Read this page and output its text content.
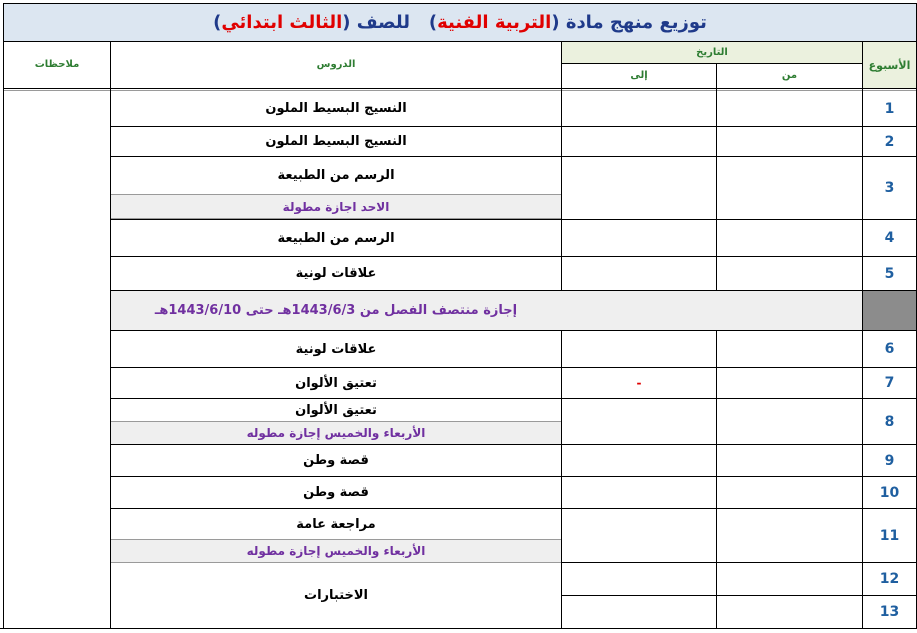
توزيع منهج مادة (
التربية الفنية
)   للصف (
الثالث ابتدائي
)
ملاحظات	الدروس
التاريخ
إلى	من
الأسبوع
النسيج البسيط الملون
النسيج البسيط الملون
الرسم من الطبيعة
الاحد اجازة مطولة
الرسم من الطبيعة
علاقات لونية
إجازة منتصف الفصل من 1443/6/3هـ حتى 1443/6/10هـ
علاقات لونية
تعتيق الألوان
تعتيق الألوان
الأربعاء والخميس إجازة مطوله
قصة وطن
قصة وطن
مراجعة عامة
الأربعاء والخميس إجازة مطوله
الاختبارات
-
1
2
3
4
5
6
7
8
9
10
11
12
13
